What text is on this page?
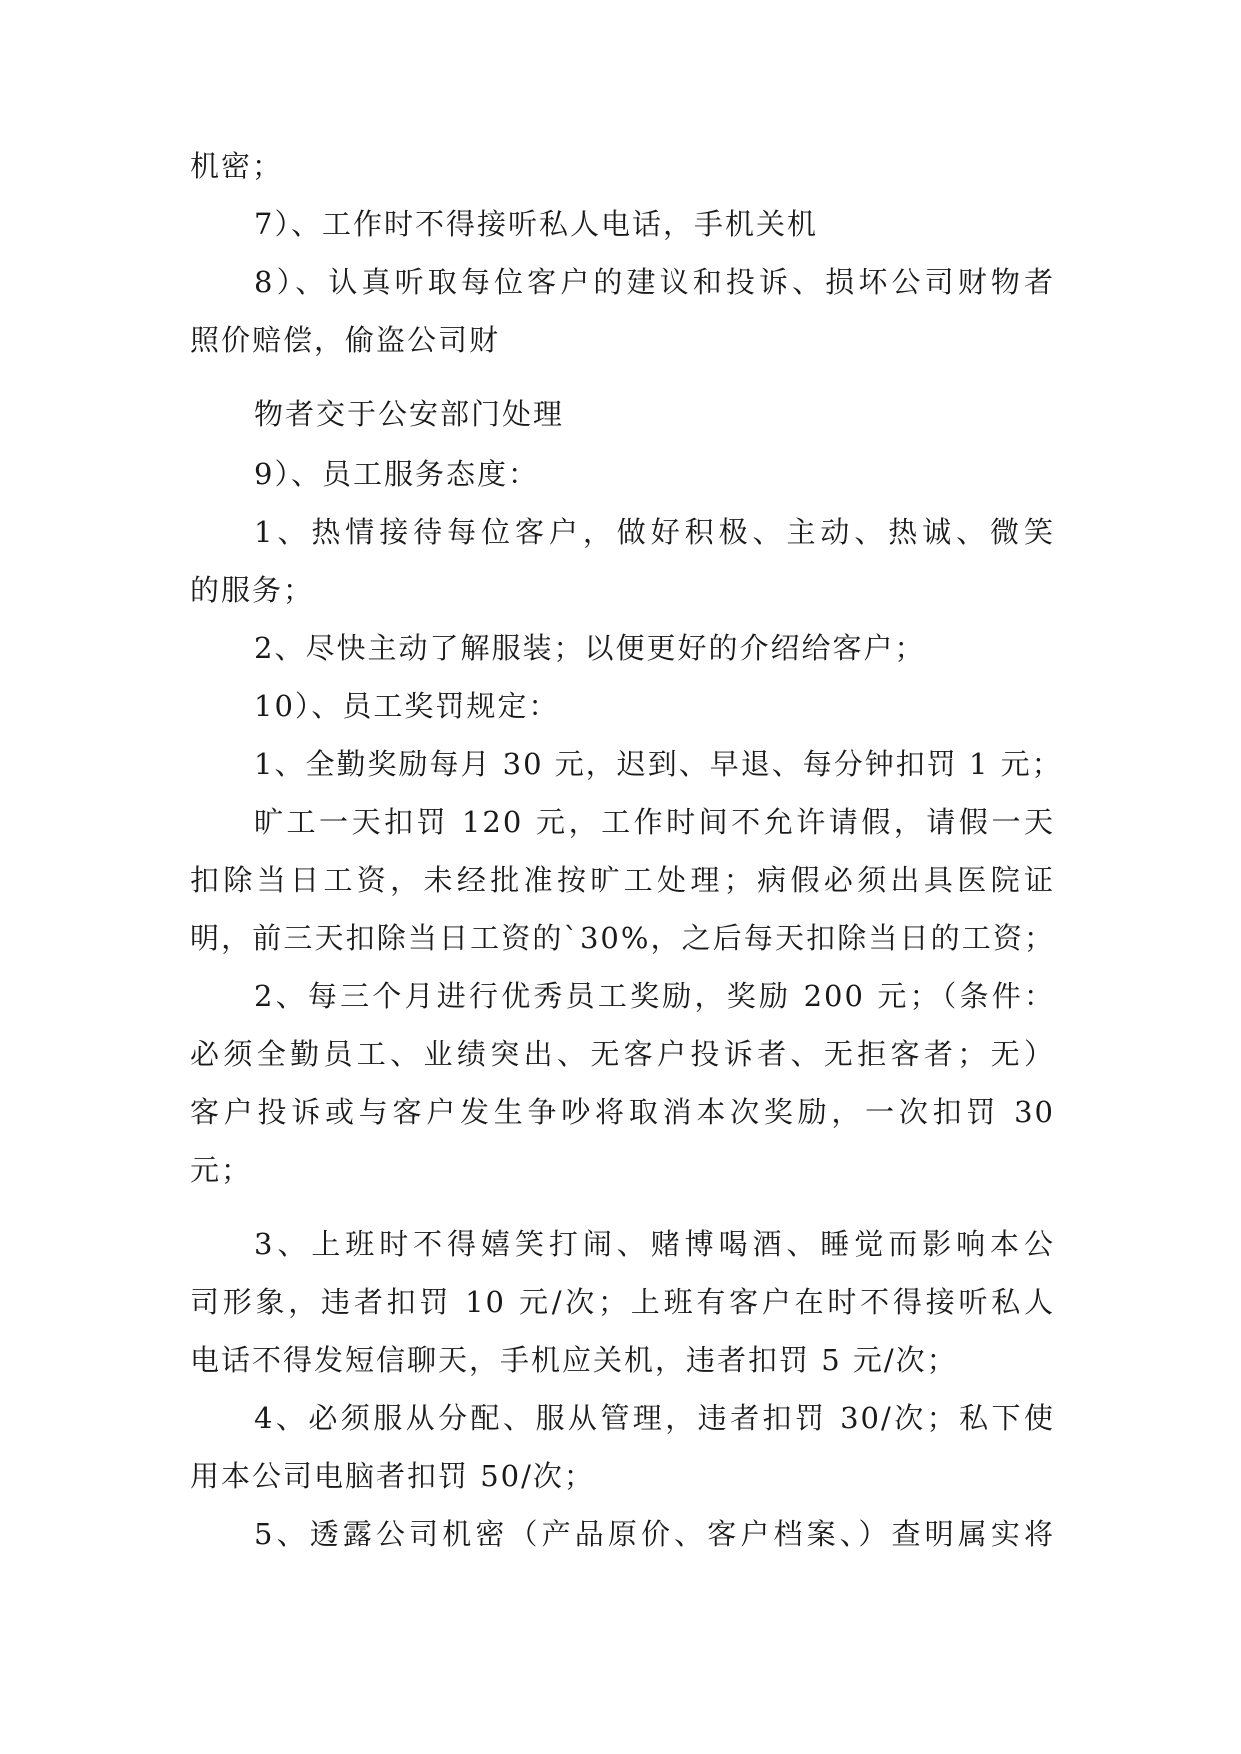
机密；
7）、工作时不得接听私人电话，手机关机
8）、认真听取每位客户的建议和投诉、损坏公司财物者
照价赔偿，偷盗公司财
物者交于公安部门处理
9）、员工服务态度：
1、热情接待每位客户，做好积极、主动、热诚、微笑
的服务；
2、尽快主动了解服装；以便更好的介绍给客户；
10）、员工奖罚规定：
1、全勤奖励每月 30 元，迟到、早退、每分钟扣罚 1 元；
旷工一天扣罚 120 元，工作时间不允许请假，请假一天
扣除当日工资，未经批准按旷工处理；病假必须出具医院证
明，前三天扣除当日工资的`30%，之后每天扣除当日的工资；
2、每三个月进行优秀员工奖励，奖励 200 元；（条件：
必须全勤员工、业绩突出、无客户投诉者、无拒客者；无）
客户投诉或与客户发生争吵将取消本次奖励，一次扣罚 30
元；
3、上班时不得嬉笑打闹、赌博喝酒、睡觉而影响本公
司形象，违者扣罚 10 元/次；上班有客户在时不得接听私人
电话不得发短信聊天，手机应关机，违者扣罚 5 元/次；
4、必须服从分配、服从管理，违者扣罚 30/次；私下使
用本公司电脑者扣罚 50/次；
5、透露公司机密（产品原价、客户档案、）查明属实将
